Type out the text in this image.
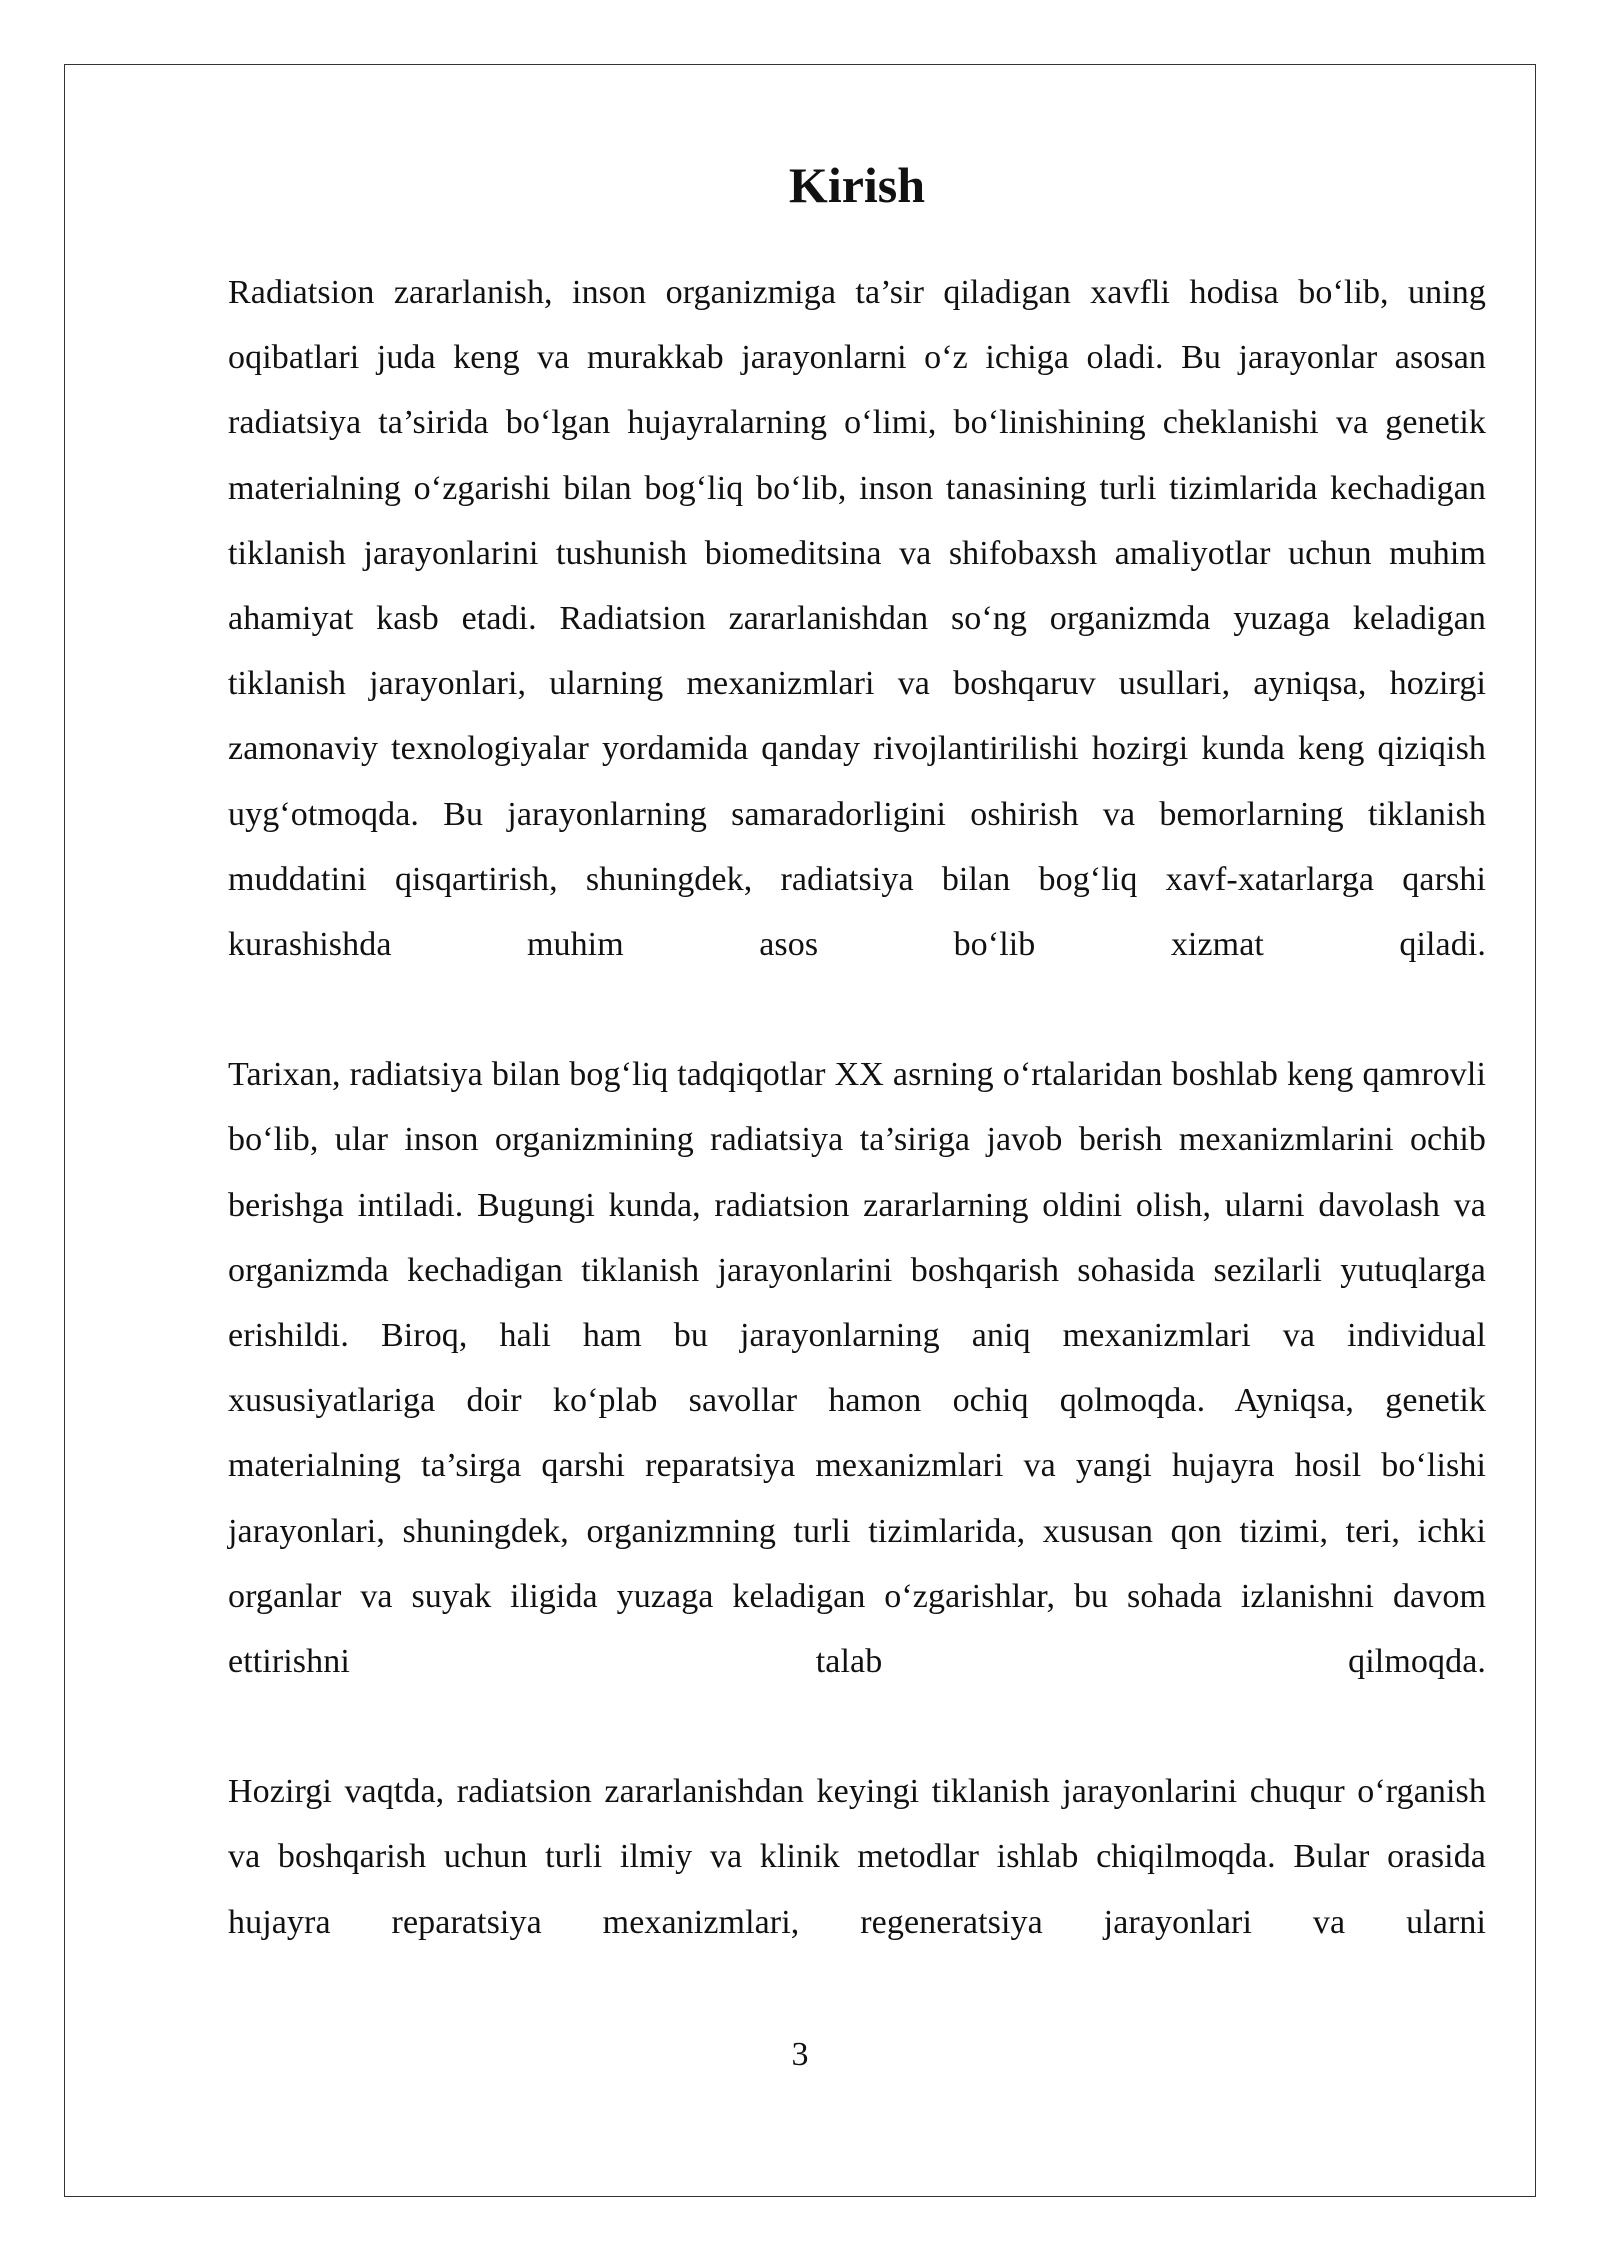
Kirish

Radiatsion zararlanish, inson organizmiga ta’sir qiladigan xavfli hodisa bo‘lib, uning oqibatlari juda keng va murakkab jarayonlarni o‘z ichiga oladi. Bu jarayonlar asosan radiatsiya ta’sirida bo‘lgan hujayralarning o‘limi, bo‘linishining cheklanishi va genetik materialning o‘zgarishi bilan bog‘liq bo‘lib, inson tanasining turli tizimlarida kechadigan tiklanish jarayonlarini tushunish biomeditsina va shifobaxsh amaliyotlar uchun muhim ahamiyat kasb etadi. Radiatsion zararlanishdan so‘ng organizmda yuzaga keladigan tiklanish jarayonlari, ularning mexanizmlari va boshqaruv usullari, ayniqsa, hozirgi zamonaviy texnologiyalar yordamida qanday rivojlantirilishi hozirgi kunda keng qiziqish uyg‘otmoqda. Bu jarayonlarning samaradorligini oshirish va bemorlarning tiklanish muddatini qisqartirish, shuningdek, radiatsiya bilan bog‘liq xavf-xatarlarga qarshi kurashishda muhim asos bo‘lib xizmat qiladi.

Tarixan, radiatsiya bilan bog‘liq tadqiqotlar XX asrning o‘rtalaridan boshlab keng qamrovli bo‘lib, ular inson organizmining radiatsiya ta’siriga javob berish mexanizmlarini ochib berishga intiladi. Bugungi kunda, radiatsion zararlarning oldini olish, ularni davolash va organizmda kechadigan tiklanish jarayonlarini boshqarish sohasida sezilarli yutuqlarga erishildi. Biroq, hali ham bu jarayonlarning aniq mexanizmlari va individual xususiyatlariga doir ko‘plab savollar hamon ochiq qolmoqda. Ayniqsa, genetik materialning ta’sirga qarshi reparatsiya mexanizmlari va yangi hujayra hosil bo‘lishi jarayonlari, shuningdek, organizmning turli tizimlarida, xususan qon tizimi, teri, ichki organlar va suyak iligida yuzaga keladigan o‘zgarishlar, bu sohada izlanishni davom ettirishni talab qilmoqda.

Hozirgi vaqtda, radiatsion zararlanishdan keyingi tiklanish jarayonlarini chuqur o‘rganish va boshqarish uchun turli ilmiy va klinik metodlar ishlab chiqilmoqda. Bular orasida hujayra reparatsiya mexanizmlari, regeneratsiya jarayonlari va ularni

3
